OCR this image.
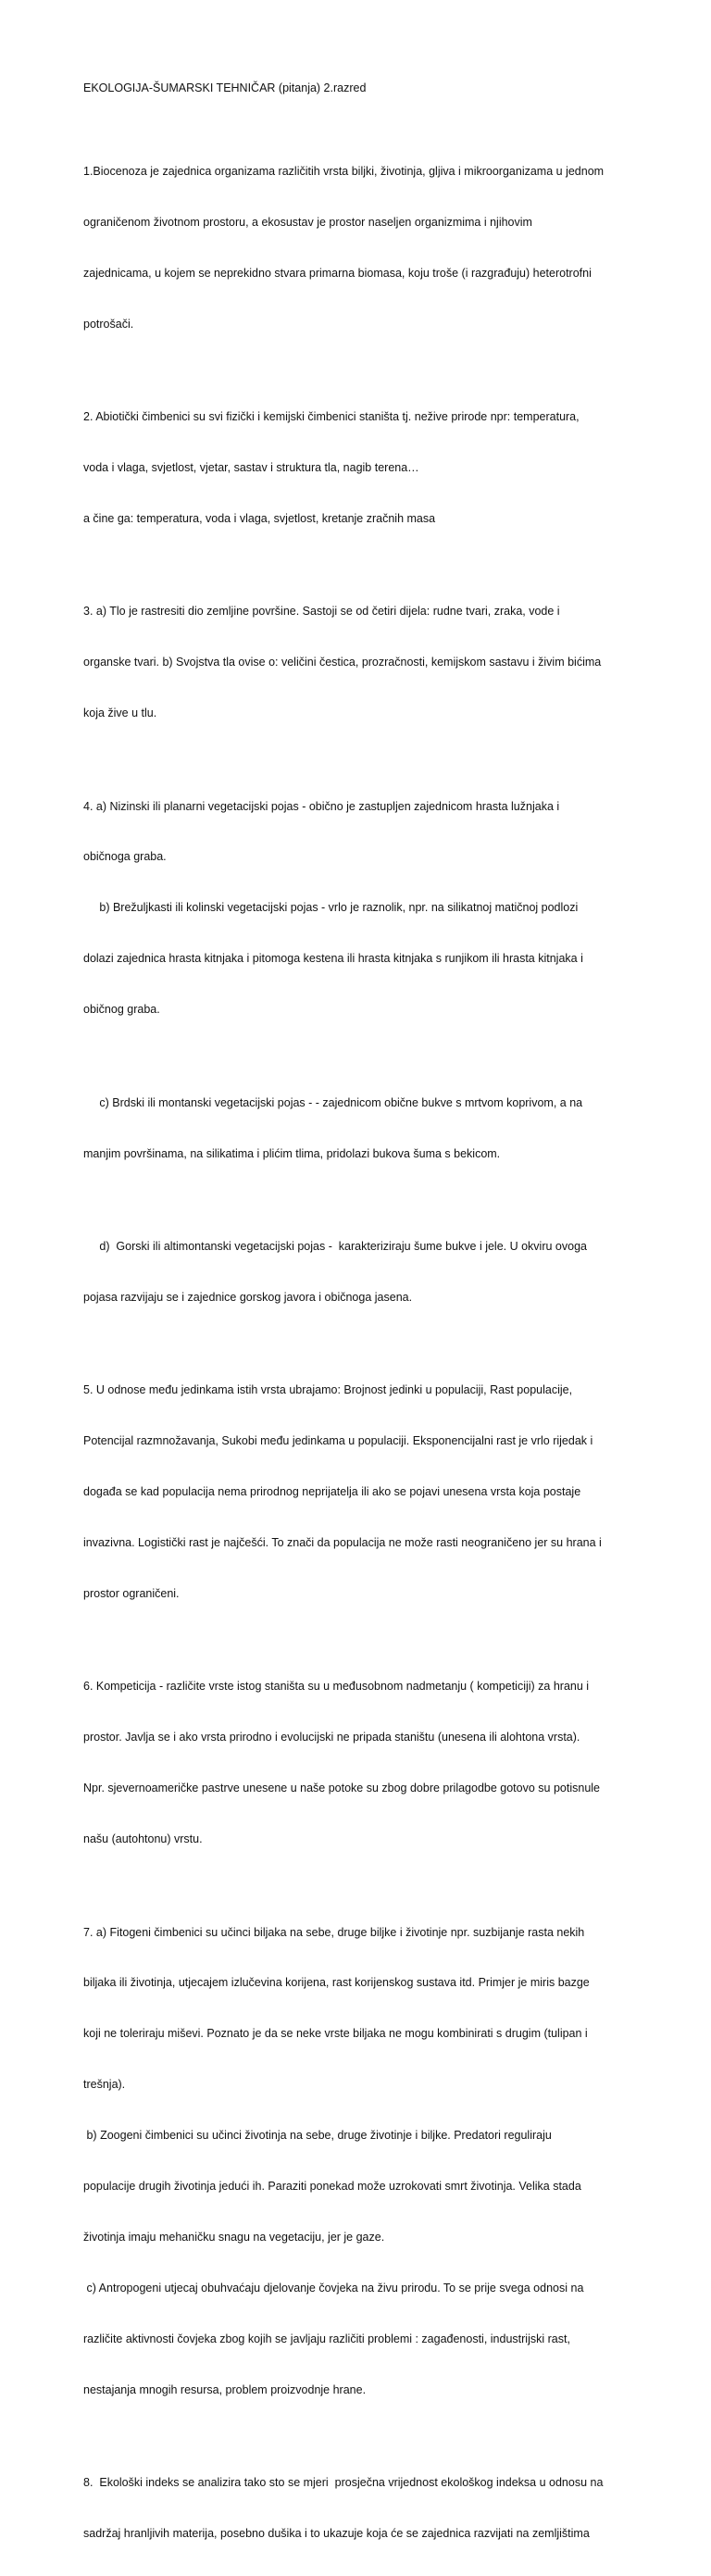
EKOLOGIJA-ŠUMARSKI TEHNIČAR (pitanja) 2.razred

1.Biocenoza je zajednica organizama različitih vrsta biljki, životinja, gljiva i mikroorganizama u jednom

ograničenom životnom prostoru, a ekosustav je prostor naseljen organizmima i njihovim

zajednicama, u kojem se neprekidno stvara primarna biomasa, koju troše (i razgrađuju) heterotrofni

potrošači.

2. Abiotički čimbenici su svi fizički i kemijski čimbenici staništa tj. nežive prirode npr: temperatura,

voda i vlaga, svjetlost, vjetar, sastav i struktura tla, nagib terena…

a čine ga: temperatura, voda i vlaga, svjetlost, kretanje zračnih masa

3. a) Tlo je rastresiti dio zemljine površine. Sastoji se od četiri dijela: rudne tvari, zraka, vode i

organske tvari. b) Svojstva tla ovise o: veličini čestica, prozračnosti, kemijskom sastavu i živim bićima

koja žive u tlu.

4. a) Nizinski ili planarni vegetacijski pojas - obično je zastupljen zajednicom hrasta lužnjaka i

običnoga graba.

b) Brežuljkasti ili kolinski vegetacijski pojas - vrlo je raznolik, npr. na silikatnoj matičnoj podlozi

dolazi zajednica hrasta kitnjaka i pitomoga kestena ili hrasta kitnjaka s runjikom ili hrasta kitnjaka i

običnog graba.

c) Brdski ili montanski vegetacijski pojas - - zajednicom obične bukve s mrtvom koprivom, a na

manjim površinama, na silikatima i plićim tlima, pridolazi bukova šuma s bekicom.

d)  Gorski ili altimontanski vegetacijski pojas -  karakteriziraju šume bukve i jele. U okviru ovoga

pojasa razvijaju se i zajednice gorskog javora i običnoga jasena.

5. U odnose među jedinkama istih vrsta ubrajamo: Brojnost jedinki u populaciji, Rast populacije,

Potencijal razmnožavanja, Sukobi među jedinkama u populaciji. Eksponencijalni rast je vrlo rijedak i

događa se kad populacija nema prirodnog neprijatelja ili ako se pojavi unesena vrsta koja postaje

invazivna. Logistički rast je najčešći. To znači da populacija ne može rasti neograničeno jer su hrana i

prostor ograničeni.

6. Kompeticija - različite vrste istog staništa su u međusobnom nadmetanju ( kompeticiji) za hranu i

prostor. Javlja se i ako vrsta prirodno i evolucijski ne pripada staništu (unesena ili alohtona vrsta).

Npr. sjevernoameričke pastrve unesene u naše potoke su zbog dobre prilagodbe gotovo su potisnule

našu (autohtonu) vrstu.

7. a) Fitogeni čimbenici su učinci biljaka na sebe, druge biljke i životinje npr. suzbijanje rasta nekih

biljaka ili životinja, utjecajem izlučevina korijena, rast korijenskog sustava itd. Primjer je miris bazge

koji ne toleriraju miševi. Poznato je da se neke vrste biljaka ne mogu kombinirati s drugim (tulipan i

trešnja).

b) Zoogeni čimbenici su učinci životinja na sebe, druge životinje i biljke. Predatori reguliraju

populacije drugih životinja jedući ih. Paraziti ponekad može uzrokovati smrt životinja. Velika stada

životinja imaju mehaničku snagu na vegetaciju, jer je gaze.

c) Antropogeni utjecaj obuhvaćaju djelovanje čovjeka na živu prirodu. To se prije svega odnosi na

različite aktivnosti čovjeka zbog kojih se javljaju različiti problemi : zagađenosti, industrijski rast,

nestajanja mnogih resursa, problem proizvodnje hrane.

8.  Ekološki indeks se analizira tako sto se mjeri  prosječna vrijednost ekološkog indeksa u odnosu na

sadržaj hranljivih materija, posebno dušika i to ukazuje koja će se zajednica razvijati na zemljištima
